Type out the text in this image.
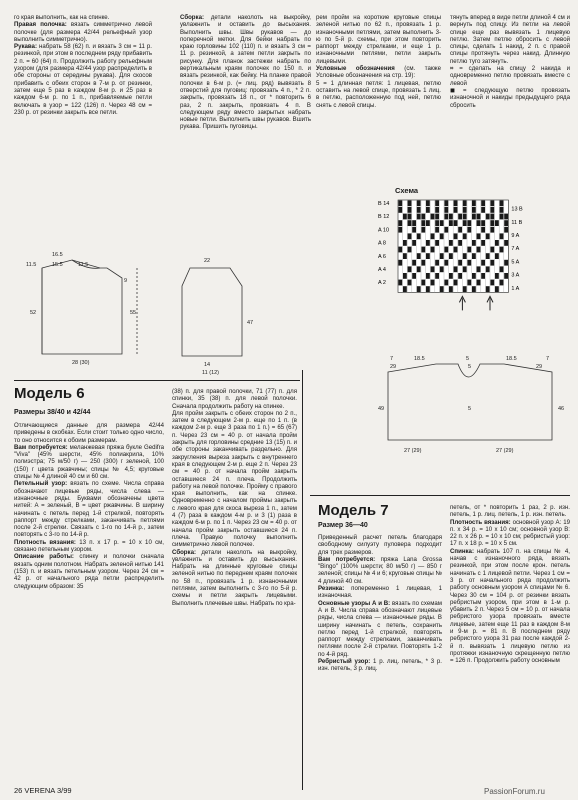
го края выполнить, как на спинке.

Правая полочка: вязать симметрично левой полочке (для размера 42/44 рельефный узор выполнить симметрично).

Рукава: набрать 58 (62) п. и вязать 3 см = 11 р. резинкой, при этом в последнем ряду прибавить 2 п. = 60 (64) п. Продолжить работу рельефным узором (для размера 42/44 узор распределить в обе стороны от середины рукава). Для скосов прибавить с обеих сторон в 7-м р. от резинки, затем еще 5 раз в каждом 8-м р. и 25 раз в каждом 6-м р. по 1 п., прибавляемые петли включать в узор = 122 (126) п. Через 48 см = 230 р. от резинки закрыть все петли.

Сборка: детали наколоть на выкройку, увлажнить и оставить до высыхания. Выполнить швы. Швы рукавов — до поперечной метки. Для бейки набрать по краю горловины 102 (110) п. и вязать 3 см = 11 р. резинкой, а затем петли закрыть по рисунку. Для планок застежки набрать по вертикальным краям полочек по 150 п. и вязать резинкой, как бейку. На планке правой полочки в 6-м р. (= лиц. ряд) вывязать 8 отверстий для пуговиц: провязать 4 п., * 2 п. закрыть, провязать 18 п., от * повторить 6 раз, 2 п. закрыть, провязать 4 п. В следующем ряду вместо закрытых набрать новые петли. Выполнить швы рукавов. Вшить рукава. Пришить пуговицы.

рем пройм на короткие круговые спицы зеленой нитью по 62 п., провязать 1 р. изнаночными петлями, затем выполнить 3-ю по 5-й р. схемы, при этом повторить раппорт между стрелками, и еще 1 р. изнаночными петлями, петли закрыть лицевыми.

Условные обозначения (см. также Условные обозначения на стр. 19):

5 = 1 длинная петля: 1 лицевая, петлю оставить на левой спице, провязать 1 лиц. в петлю, расположенную под ней, петлю снять с левой спицы.

тянуть вперед в виде петли длиной 4 см и вернуть под спицу. Из петли на левой спице еще раз вывязать 1 лицевую петлю. Затем петлю обросить с левой спицы, сделать 1 накид, 2 п. с правой спицы протянуть через накид. Длинную петлю туго затянуть.

⌗ = сделать на спицу 2 накида и одновременно петлю провязать вместе с левой

◼ = следующую петлю провязать изнаночной и накиды предыдущего ряда сбросить

16.5
11.5	15.5	11.5
52	55
9
28 (30)
22
47
14
11 (12)
Схема
13 B
11 B
9 A
7 A
5 A
3 A
1 A
B 14
B 12
A 10
A 8
A 6
A 4
A 2
7	18.5	5	18.5	7
29	5	29
46
49
27 (29)	27 (29)
5
Модель 6
Размеры 38/40 и 42/44

Отличающиеся данные для размера 42/44 приведены в скобках. Если стоит только одно число, то оно относится к обоим размерам.

Вам потребуется: меланжевая пряжа букле Gedifra "Viva" (45% шерсти, 45% полиакрила, 10% полиэстра; 75 м/50 г) — 250 (300) г зеленой, 100 (150) г цвета ржавчины; спицы № 4,5; круговые спицы № 4 длиной 40 см и 60 см.

Петельный узор: вязать по схеме. Числа справа обозначают лицевые ряды, числа слева — изнаночные ряды. Буквами обозначены цвета нитей: А = зеленый, В = цвет ржавчины. В ширину начинать с петель перед 1-й стрелкой, повторять раппорт между стрелками, заканчивать петлями после 2-й стрелки. Связать с 1-го по 14-й р., затем повторять с 3-го по 14-й р.

Плотность вязания: 13 п. x 17 р. = 10 x 10 см, связано петельным узором.

Описание работы: спинку и полочки сначала вязать одним полотном. Набрать зеленой нитью 141 (153) п. и вязать петельным узором. Через 24 см = 42 р. от начального ряда петли распределить следующим образом: 35

(38) п. для правой полочки, 71 (77) п. для спинки, 35 (38) п. для левой полочки. Сначала продолжить работу на спинке.

Для пройм закрыть с обеих сторон по 2 п., затем в следующем 2-м р. еще по 1 п. (в каждом 2-м р. еще 3 раза по 1 п.) = 65 (67) п. Через 23 см = 40 р. от начала пройм закрыть для горловины средние 13 (15) п. и обе стороны заканчивать раздельно. Для закругления выреза закрыть с внутреннего края в следующем 2-м р. еще 2 п. Через 23 см = 40 р. от начала пройм закрыть оставшиеся 24 п. плеча. Продолжить работу на левой полочке. Пройму с правого края выполнить, как на спинке. Одновременно с началом проймы закрыть с левого края для скоса выреза 1 п., затем 4 (7) раза в каждом 4-м р. и 3 (1) раза в каждом 6-м р. по 1 п. Через 23 см = 40 р. от начала пройм закрыть оставшиеся 24 п. плеча. Правую полочку выполнить симметрично левой полочке.

Сборка: детали наколоть на выкройку, увлажнить и оставить до высыхания. Набрать на длинные круговые спицы зеленой нитью по переднем краям полочек по 58 п., провязать 1 р. изнаночными петлями, затем выполнить с 3-го по 5-й р. схемы и петли закрыть лицевыми. Выполнить плечевые швы. Набрать по кра-

Модель 7
Размер 36—40

Приведенный расчет петель благодаря свободному силуэту пуловера подходит для трех размеров.

Вам потребуется: пряжа Lana Grossa "Bingo" (100% шерсти; 80 м/50 г) — 850 г зеленой; спицы № 4 и 6; круговые спицы № 4 длиной 40 см.

Резинка: попеременно 1 лицевая, 1 изнаночная.

Основные узоры А и В: вязать по схемам А и В. Числа справа обозначают лицевые ряды, числа слева — изнаночные ряды. В ширину начинать с петель, сохранить петлю перед 1-й стрелкой, повторять раппорт между стрелками, заканчивать петлями после 2-й стрелки. Повторять 1-2 по 4-й ряд.

Ребристый узор: 1 р. лиц. петель, * 3 р. изн. петель, 3 р. лиц.

петель, от * повторить 1 раз, 2 р. изн. петель, 1 р. лиц. петель, 1 р. изн. петель.

Плотность вязания: основной узор А: 19 п. x 34 р. = 10 x 10 см; основной узор В: 22 п. x 26 р. = 10 x 10 см; ребристый узор: 17 п. x 18 р. = 10 x 5 см.

Спинка: набрать 107 п. на спицы № 4, начав с изнаночного ряда, вязать резинкой, при этом после крон. петель начинать с 1 лицевой петли. Через 1 см = 3 р. от начального ряда продолжить работу основным узором А спицами № 6. Через 30 см = 104 р. от резинки вязать ребристым узором, при этом в 1-м р. убавить 2 п. Через 5 см = 10 р. от начала ребристого узора провязать вместе лицевые, затем еще 11 раз в каждом 8-м и 9-м р. = 81 п. В последнем ряду ребристого узора 31 раз после каждой 2-й п. вывязать 1 лицевую петлю из протяжки изнаночную скрещенную петлю = 126 п. Продолжить работу основным

26 VERENA 3/99	PassionForum.ru
